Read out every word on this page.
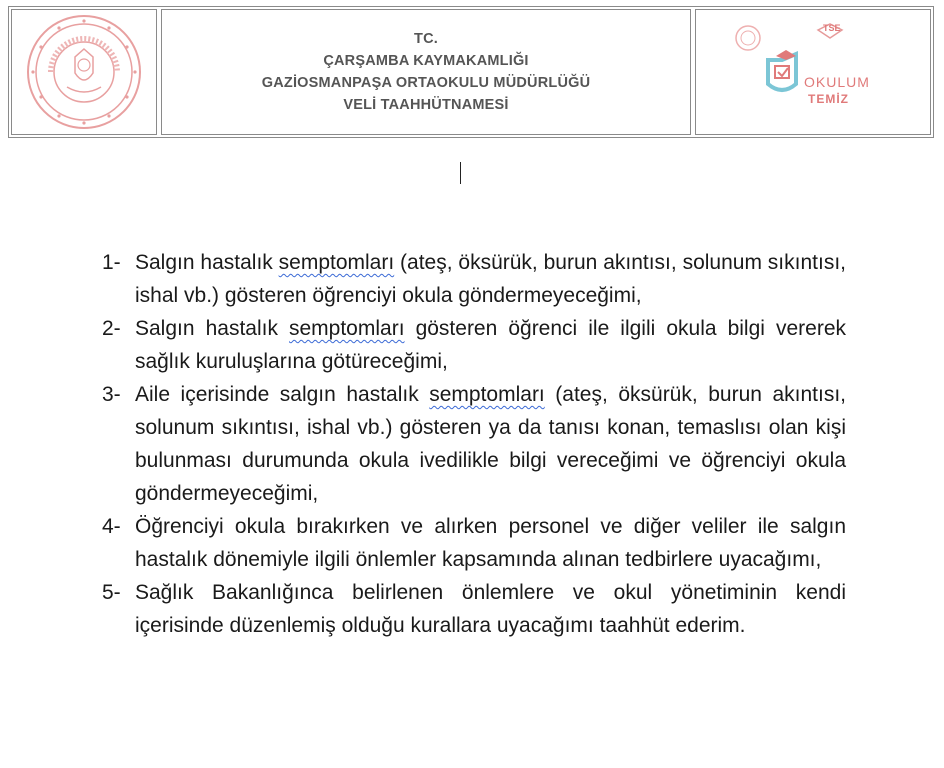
TC.
ÇARŞAMBA KAYMAKAMLIĞI
GAZİOSMANPAŞA ORTAOKULU MÜDÜRLÜĞÜ
VELİ TAAHHÜTNAMESİ
OKULUM
TEMİZ
TSE
1- Salgın hastalık semptomları (ateş, öksürük, burun akıntısı, solunum sıkıntısı, ishal vb.) gösteren öğrenciyi okula göndermeyeceğimi,
2- Salgın hastalık semptomları gösteren öğrenci ile ilgili okula bilgi vererek sağlık kuruluşlarına götüreceğimi,
3- Aile içerisinde salgın hastalık semptomları (ateş, öksürük, burun akıntısı, solunum sıkıntısı, ishal vb.) gösteren ya da tanısı konan, temaslısı olan kişi bulunması durumunda okula ivedilikle bilgi vereceğimi ve öğrenciyi okula göndermeyeceğimi,
4- Öğrenciyi okula bırakırken ve alırken personel ve diğer veliler ile salgın hastalık dönemiyle ilgili önlemler kapsamında alınan tedbirlere uyacağımı,
5- Sağlık Bakanlığınca belirlenen önlemlere ve okul yönetiminin kendi içerisinde düzenlemiş olduğu kurallara uyacağımı taahhüt ederim.
